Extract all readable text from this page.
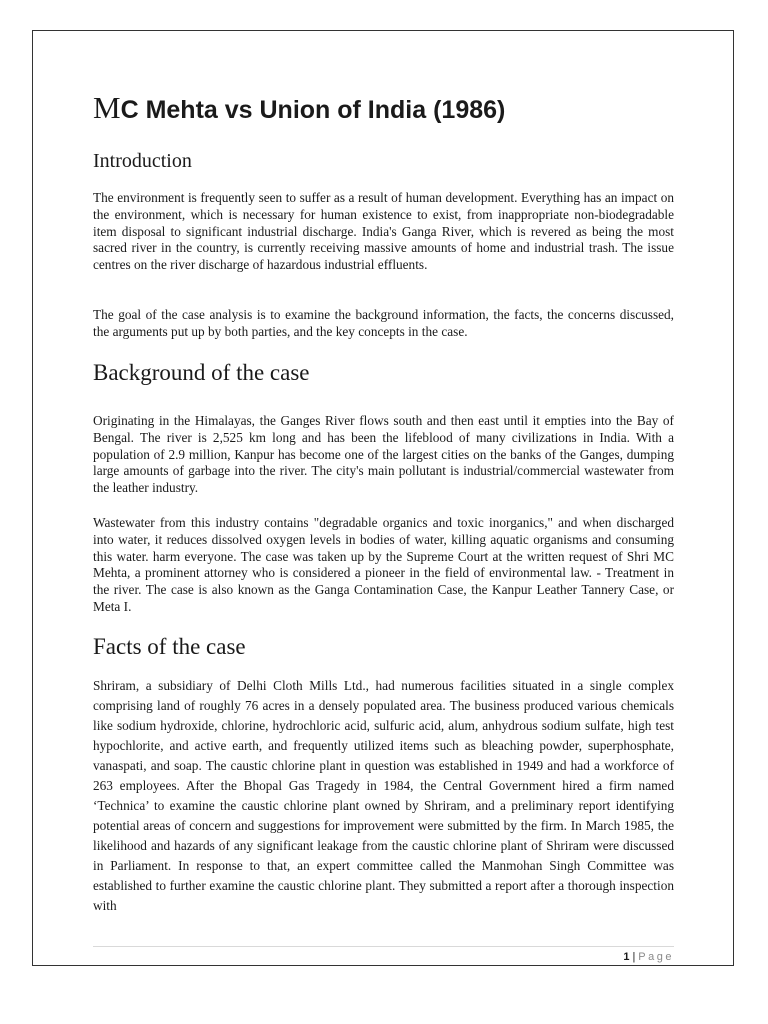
MC Mehta vs Union of India (1986)
Introduction

The environment is frequently seen to suffer as a result of human development. Everything has an impact on the environment, which is necessary for human existence to exist, from inappropriate non-biodegradable item disposal to significant industrial discharge. India's Ganga River, which is revered as being the most sacred river in the country, is currently receiving massive amounts of home and industrial trash. The issue centres on the river discharge of hazardous industrial effluents.

The goal of the case analysis is to examine the background information, the facts, the concerns discussed, the arguments put up by both parties, and the key concepts in the case.

Background of the case

Originating in the Himalayas, the Ganges River flows south and then east until it empties into the Bay of Bengal. The river is 2,525 km long and has been the lifeblood of many civilizations in India. With a population of 2.9 million, Kanpur has become one of the largest cities on the banks of the Ganges, dumping large amounts of garbage into the river. The city's main pollutant is industrial/commercial wastewater from the leather industry.

Wastewater from this industry contains "degradable organics and toxic inorganics," and when discharged into water, it reduces dissolved oxygen levels in bodies of water, killing aquatic organisms and consuming this water. harm everyone. The case was taken up by the Supreme Court at the written request of Shri MC Mehta, a prominent attorney who is considered a pioneer in the field of environmental law. - Treatment in the river. The case is also known as the Ganga Contamination Case, the Kanpur Leather Tannery Case, or Meta I.

Facts of the case

Shriram, a subsidiary of Delhi Cloth Mills Ltd., had numerous facilities situated in a single complex comprising land of roughly 76 acres in a densely populated area. The business produced various chemicals like sodium hydroxide, chlorine, hydrochloric acid, sulfuric acid, alum, anhydrous sodium sulfate, high test hypochlorite, and active earth, and frequently utilized items such as bleaching powder, superphosphate, vanaspati, and soap. The caustic chlorine plant in question was established in 1949 and had a workforce of 263 employees. After the Bhopal Gas Tragedy in 1984, the Central Government hired a firm named ‘Technica’ to examine the caustic chlorine plant owned by Shriram, and a preliminary report identifying potential areas of concern and suggestions for improvement were submitted by the firm. In March 1985, the likelihood and hazards of any significant leakage from the caustic chlorine plant of Shriram were discussed in Parliament. In response to that, an expert committee called the Manmohan Singh Committee was established to further examine the caustic chlorine plant. They submitted a report after a thorough inspection with

1 | Page
